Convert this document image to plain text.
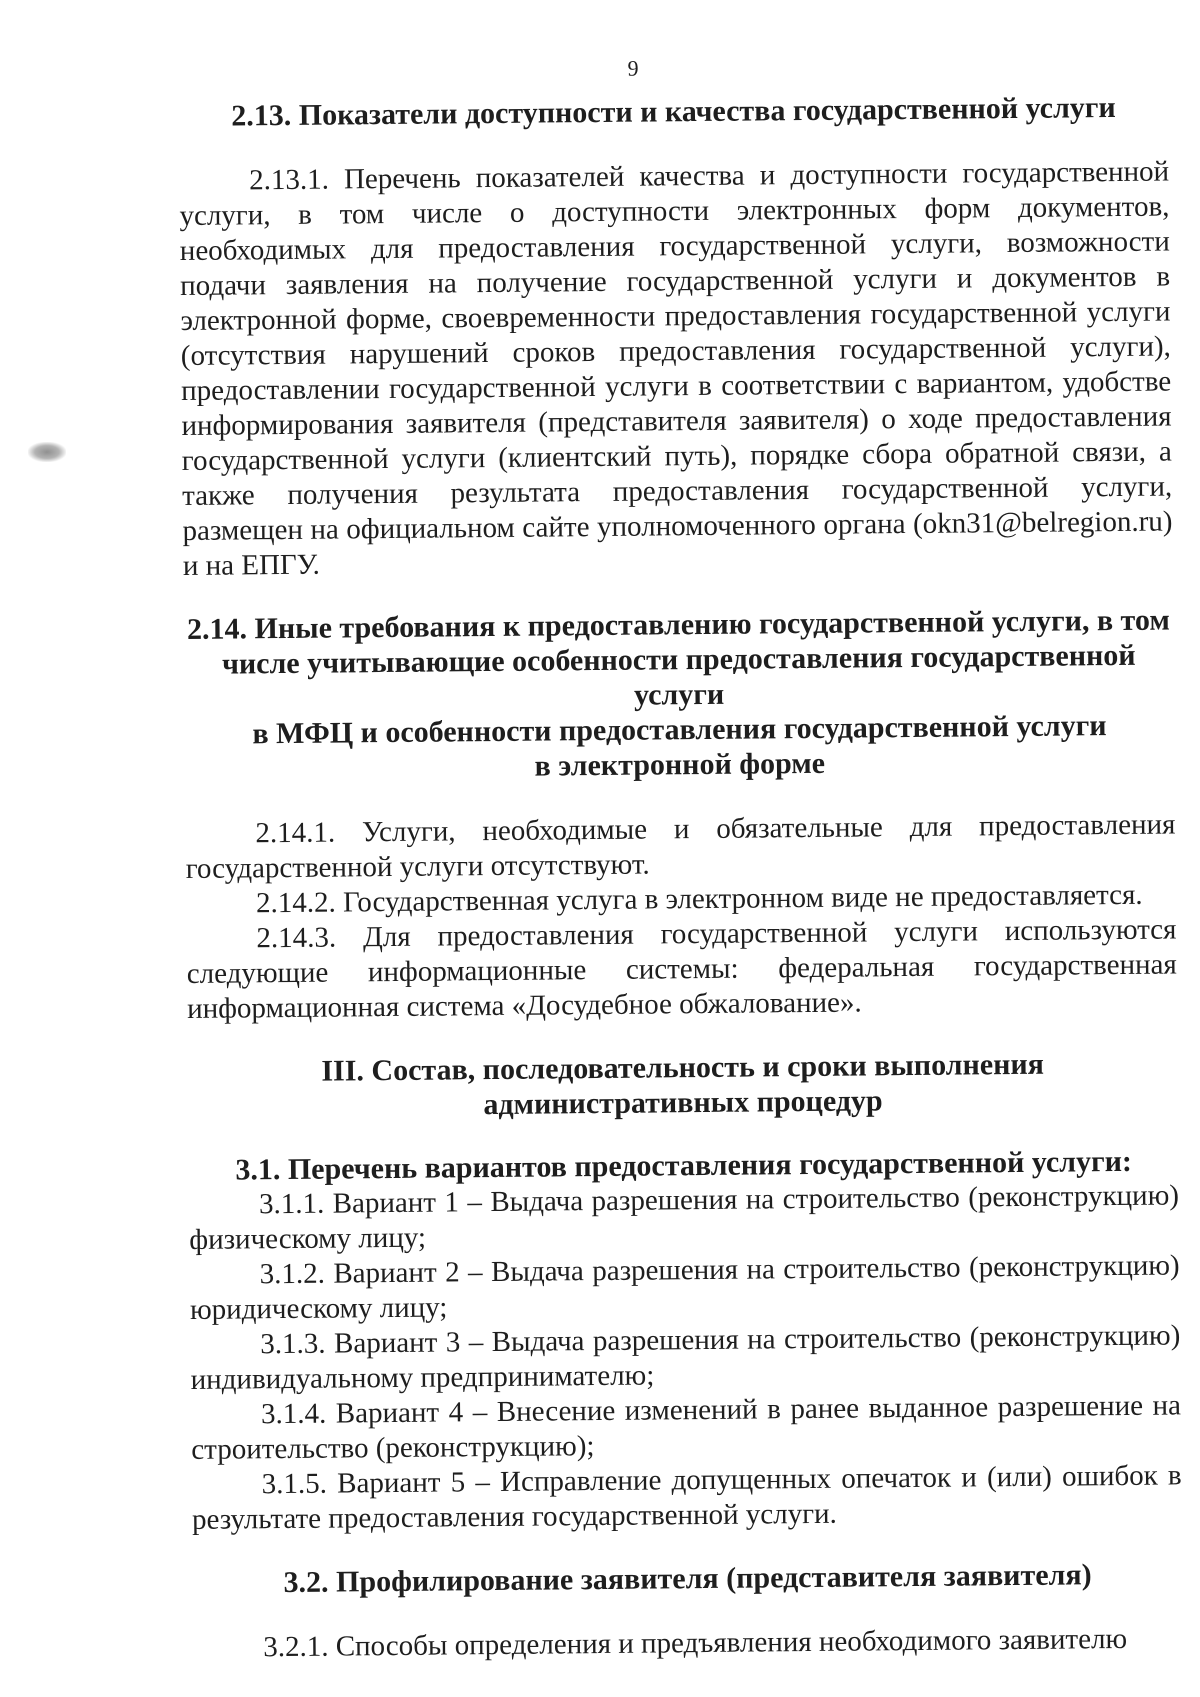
9
2.13. Показатели доступности и качества государственной услуги

2.13.1. Перечень показателей качества и доступности государственной услуги, в том числе о доступности электронных форм документов, необходимых для предоставления государственной услуги, возможности подачи заявления на получение государственной услуги и документов в электронной форме, своевременности предоставления государственной услуги (отсутствия нарушений сроков предоставления государственной услуги), предоставлении государственной услуги в соответствии с вариантом, удобстве информирования заявителя (представителя заявителя) о ходе предоставления государственной услуги (клиентский путь), порядке сбора обратной связи, а также получения результата предоставления государственной услуги, размещен на официальном сайте уполномоченного органа (okn31@belregion.ru) и на ЕПГУ.

2.14. Иные требования к предоставлению государственной услуги, в том
числе учитывающие особенности предоставления государственной услуги
в МФЦ и особенности предоставления государственной услуги
в электронной форме

2.14.1. Услуги, необходимые и обязательные для предоставления государственной услуги отсутствуют.

2.14.2. Государственная услуга в электронном виде не предоставляется.

2.14.3. Для предоставления государственной услуги используются следующие информационные системы: федеральная государственная информационная система «Досудебное обжалование».

III. Состав, последовательность и сроки выполнения
административных процедур
3.1. Перечень вариантов предоставления государственной услуги:

3.1.1. Вариант 1 – Выдача разрешения на строительство (реконструкцию) физическому лицу;

3.1.2. Вариант 2 – Выдача разрешения на строительство (реконструкцию) юридическому лицу;

3.1.3. Вариант 3 – Выдача разрешения на строительство (реконструкцию) индивидуальному предпринимателю;

3.1.4. Вариант 4 – Внесение изменений в ранее выданное разрешение на строительство (реконструкцию);

3.1.5. Вариант 5 – Исправление допущенных опечаток и (или) ошибок в результате предоставления государственной услуги.

3.2. Профилирование заявителя (представителя заявителя)

3.2.1. Способы определения и предъявления необходимого заявителю
